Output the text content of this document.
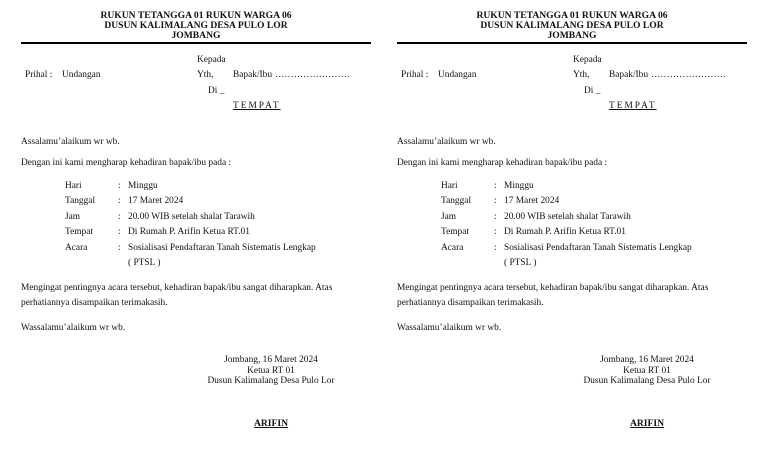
RUKUN TETANGGA 01 RUKUN WARGA 06
DUSUN KALIMALANG DESA PULO LOR
JOMBANG
Kepada
Prihal : Undangan	Yth, Bapak/Ibu ……………………
Di _
TEMPAT
Assalamu’alaikum wr wb.
Dengan ini kami mengharap kehadiran bapak/ibu pada :
Hari	: Minggu
Tanggal	: 17 Maret 2024
Jam	: 20.00 WIB setelah shalat Tarawih
Tempat	: Di Rumah P. Arifin Ketua RT.01
Acara	: Sosialisasi Pendaftaran Tanah Sistematis Lengkap
( PTSL )
Mengingat pentingnya acara tersebut, kehadiran bapak/ibu sangat diharapkan. Atas perhatiannya disampaikan terimakasih.
Wassalamu’alaikum wr wb.
Jombang, 16 Maret 2024
Ketua RT 01
Dusun Kalimalang Desa Pulo Lor
ARIFIN
RUKUN TETANGGA 01 RUKUN WARGA 06
DUSUN KALIMALANG DESA PULO LOR
JOMBANG
Kepada
Prihal : Undangan	Yth, Bapak/Ibu ……………………
Di _
TEMPAT
Assalamu’alaikum wr wb.
Dengan ini kami mengharap kehadiran bapak/ibu pada :
Hari	: Minggu
Tanggal	: 17 Maret 2024
Jam	: 20.00 WIB setelah shalat Tarawih
Tempat	: Di Rumah P. Arifin Ketua RT.01
Acara	: Sosialisasi Pendaftaran Tanah Sistematis Lengkap
( PTSL )
Mengingat pentingnya acara tersebut, kehadiran bapak/ibu sangat diharapkan. Atas perhatiannya disampaikan terimakasih.
Wassalamu’alaikum wr wb.
Jombang, 16 Maret 2024
Ketua RT 01
Dusun Kalimalang Desa Pulo Lor
ARIFIN
